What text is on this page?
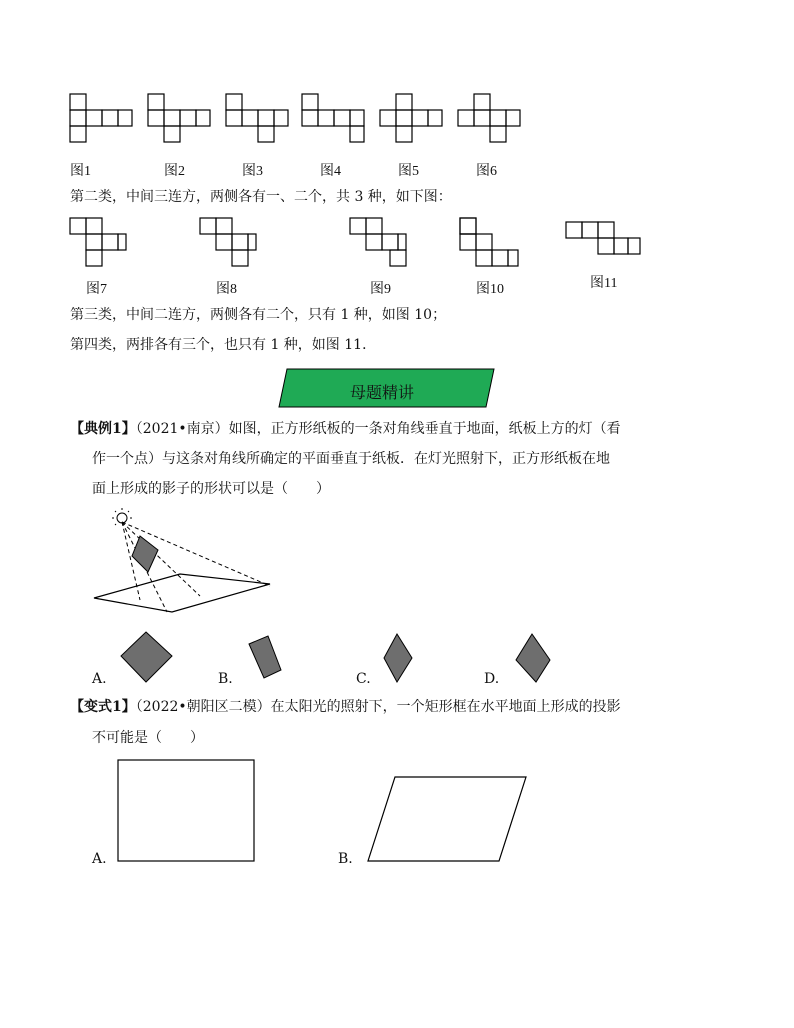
图1	图2	图3	图4	图5	图6
第二类，中间三连方，两侧各有一、二个，共 3 种，如下图：
图7	图8	图9	图10	图11
第三类，中间二连方，两侧各有二个，只有 1 种，如图 10；
第四类，两排各有三个，也只有 1 种，如图 11．
母题精讲
【典例1】（2021•南京）如图，正方形纸板的一条对角线垂直于地面，纸板上方的灯（看
作一个点）与这条对角线所确定的平面垂直于纸板．在灯光照射下，正方形纸板在地
面上形成的影子的形状可以是（　　）
A.	B.	C.	D.
【变式1】（2022•朝阳区二模）在太阳光的照射下，一个矩形框在水平地面上形成的投影
不可能是（　　）
A.	B.
